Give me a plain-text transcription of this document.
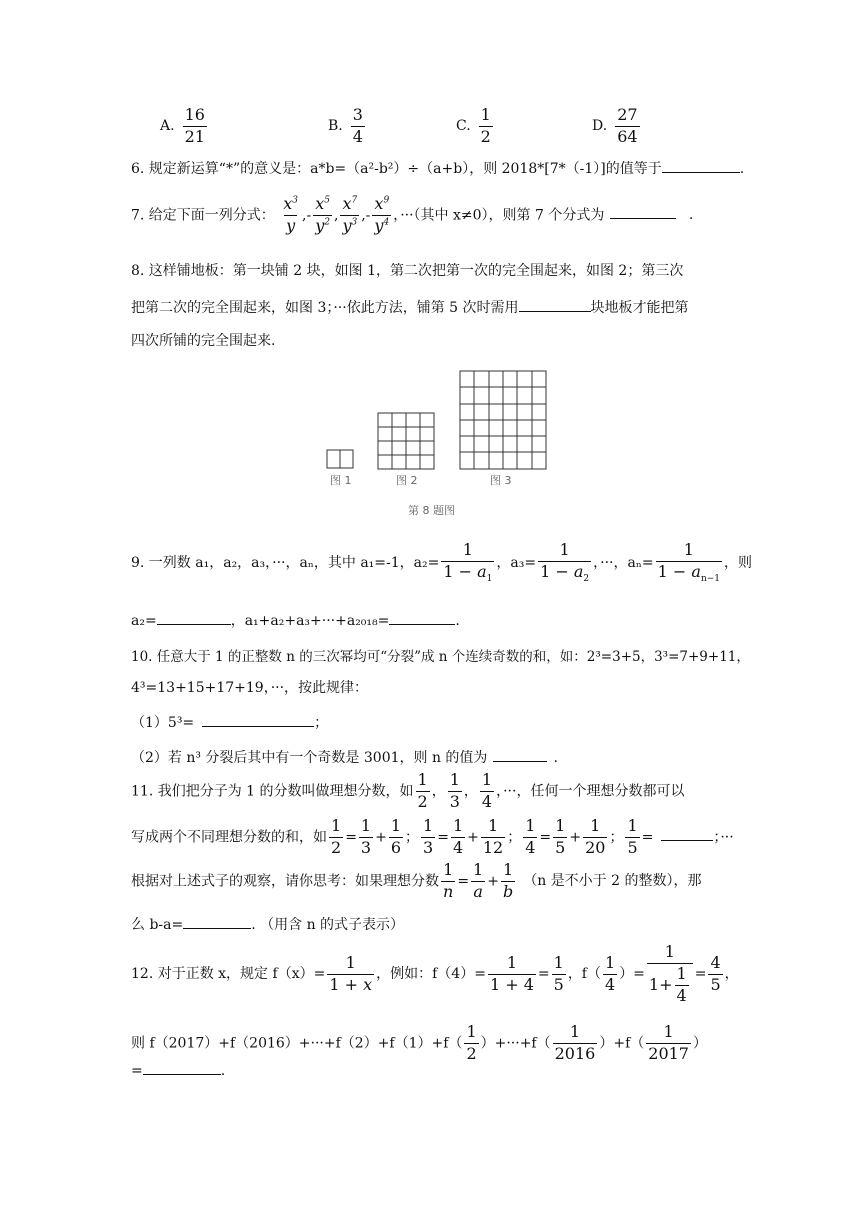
A. $\frac{16}{21}$	B. $\frac{3}{4}$	C. $\frac{1}{2}$	D. $\frac{27}{64}$
6. 规定新运算“*”的意义是：a*b=（a²-b²）÷（a+b），则 2018*[7*（-1）]的值等于	.
7. 给定下面一列分式： $\frac{x^3}{y}$ ,- $\frac{x^5}{y^2}$ , $\frac{x^7}{y^3}$ ,- $\frac{x^9}{y^4}$ ，···（其中 x≠0），则第 7 个分式为	.
8. 这样铺地板：第一块铺 2 块，如图 1，第二次把第一次的完全围起来，如图 2；第三次
把第二次的完全围起来，如图 3；···依此方法，铺第 5 次时需用	块地板才能把第
四次所铺的完全围起来.
图 1	图 2	图 3
第 8 题图
9. 一列数 a₁，a₂，a₃，···，aₙ，其中 a₁=-1，$a_2= \frac{1}{1 - a_1}$ ，$a_3= \frac{1}{1 - a_2}$ ，···，$a_n= \frac{1}{1 - a_{n-1}}$ ，则
a₂=	，a₁+a₂+a₃+···+a₂₀₁₈=	.
10. 任意大于 1 的正整数 n 的三次幂均可“分裂”成 n 个连续奇数的和，如：2³=3+5，3³=7+9+11，
4³=13+15+17+19，···，按此规律：
（1）5³=	；
（2）若 n³ 分裂后其中有一个奇数是 3001，则 n 的值为	.
11. 我们把分子为 1 的分数叫做理想分数，如 $\frac{1}{2}$ ， $\frac{1}{3}$ ， $\frac{1}{4}$ ，···，任何一个理想分数都可以
写成两个不同理想分数的和，如 $\frac{1}{2} = \frac{1}{3} + \frac{1}{6}$ ； $\frac{1}{3} = \frac{1}{4} + \frac{1}{12}$ ； $\frac{1}{4} = \frac{1}{5} + \frac{1}{20}$ ； $\frac{1}{5}$ =	；···
根据对上述式子的观察，请你思考：如果理想分数 $\frac{1}{n} = \frac{1}{a} + \frac{1}{b} (n$ 是不小于 2 的整数），那
么 b-a=	. （用含 n 的式子表示）
12. 对于正数 x，规定 $f(x)= \frac{1}{1 + x}$ ，例如：$f(4)= \frac{1}{1 + 4} = \frac{1}{5}$ ，$f( \frac{1}{4}$ ）= $\frac{1}{1+ \frac{1}{4}} = \frac{4}{5}$ ，
则 $f(2017)+f(2016)+\cdot\cdot\cdot+f(2)+f(1)+f( \frac{1}{2} )+\cdot\cdot\cdot+f( \frac{1}{2016} )+f( \frac{1}{2017}$ ）
=	.
